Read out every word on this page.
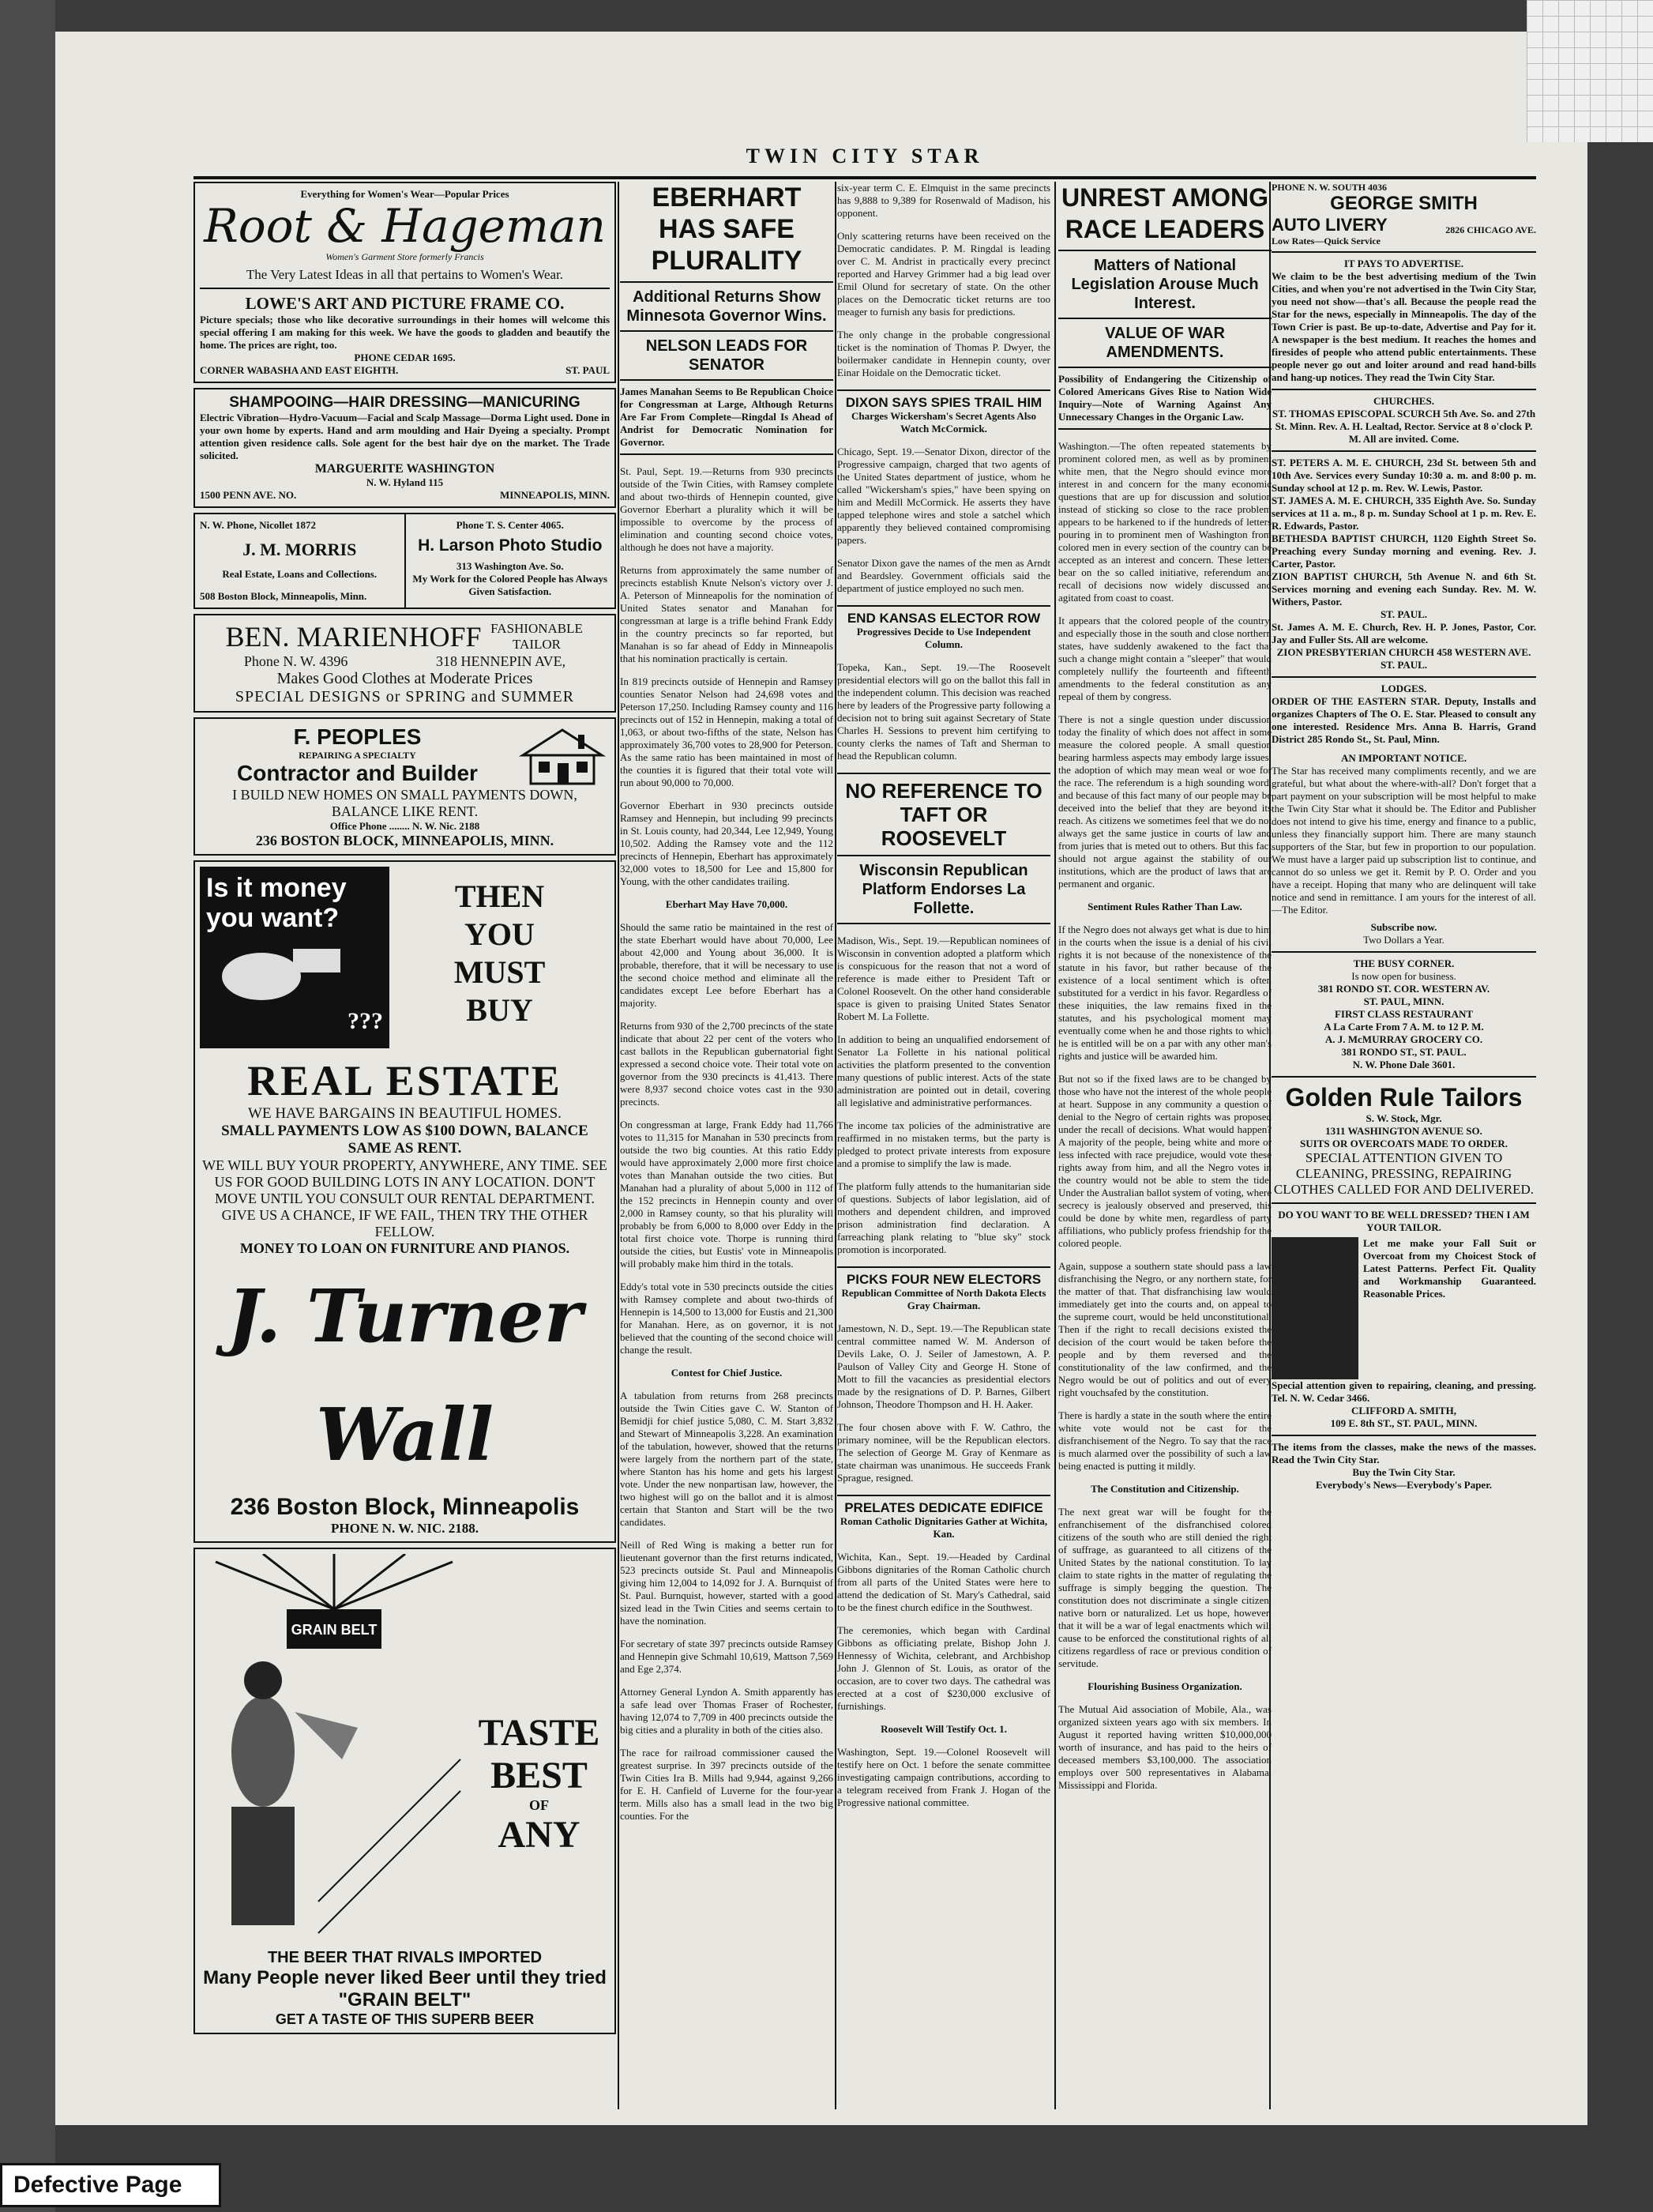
TWIN CITY STAR
Everything for Women's Wear—Popular Prices
Root & Hageman
Women's Garment Store formerly Francis
The Very Latest Ideas in all that pertains to Women's Wear.
LOWE'S ART AND PICTURE FRAME CO.
Picture specials; those who like decorative surroundings in their homes will welcome this special offering I am making for this week. We have the goods to gladden and beautify the home. The prices are right, too.
PHONE CEDAR 1695.
CORNER WABASHA AND EAST EIGHTH.	ST. PAUL
SHAMPOOING—HAIR DRESSING—MANICURING
Electric Vibration—Hydro-Vacuum—Facial and Scalp Massage—Dorma Light used. Done in your own home by experts. Hand and arm moulding and Hair Dyeing a specialty. Prompt attention given residence calls. Sole agent for the best hair dye on the market. The Trade solicited.
MARGUERITE WASHINGTON
N. W. Hyland 115
1500 PENN AVE. NO.	MINNEAPOLIS, MINN.
N. W. Phone, Nicollet 1872
J. M. MORRIS
Real Estate, Loans and Collections.
508 Boston Block, Minneapolis, Minn.
Phone T. S. Center 4065.
H. Larson Photo Studio
313 Washington Ave. So.
My Work for the Colored People has Always Given Satisfaction.
BEN. MARIENHOFF FASHIONABLE TAILOR
Phone N. W. 4396	318 HENNEPIN AVE,
Makes Good Clothes at Moderate Prices
SPECIAL DESIGNS or SPRING and SUMMER
F. PEOPLES
REPAIRING A SPECIALTY
Contractor and Builder
I BUILD NEW HOMES ON SMALL PAYMENTS DOWN, BALANCE LIKE RENT.
Office Phone ........ N. W. Nic. 2188
236 BOSTON BLOCK, MINNEAPOLIS, MINN.
Is it money you want?
???
THEN
YOU
MUST
BUY
REAL ESTATE
WE HAVE BARGAINS IN BEAUTIFUL HOMES.
SMALL PAYMENTS LOW AS $100 DOWN, BALANCE SAME AS RENT.
WE WILL BUY YOUR PROPERTY, ANYWHERE, ANY TIME. SEE US FOR GOOD BUILDING LOTS IN ANY LOCATION. DON'T MOVE UNTIL YOU CONSULT OUR RENTAL DEPARTMENT.
GIVE US A CHANCE, IF WE FAIL, THEN TRY THE OTHER FELLOW.
MONEY TO LOAN ON FURNITURE AND PIANOS.
J. Turner Wall
236 Boston Block, Minneapolis
PHONE N. W. NIC. 2188.
GRAIN BELT
TASTE
BEST
OF
ANY
THE BEER THAT RIVALS IMPORTED
Many People never liked Beer until they tried "GRAIN BELT"
GET A TASTE OF THIS SUPERB BEER
EBERHART HAS SAFE PLURALITY
Additional Returns Show Minnesota Governor Wins.
NELSON LEADS FOR SENATOR
James Manahan Seems to Be Republican Choice for Congressman at Large, Although Returns Are Far From Complete—Ringdal Is Ahead of Andrist for Democratic Nomination for Governor.

St. Paul, Sept. 19.—Returns from 930 precincts outside of the Twin Cities, with Ramsey complete and about two-thirds of Hennepin counted, give Governor Eberhart a plurality which it will be impossible to overcome by the process of elimination and counting second choice votes, although he does not have a majority.

Returns from approximately the same number of precincts establish Knute Nelson's victory over J. A. Peterson of Minneapolis for the nomination of United States senator and Manahan for congressman at large is a trifle behind Frank Eddy in the country precincts so far reported, but Manahan is so far ahead of Eddy in Minneapolis that his nomination practically is certain.

In 819 precincts outside of Hennepin and Ramsey counties Senator Nelson had 24,698 votes and Peterson 17,250. Including Ramsey county and 116 precincts out of 152 in Hennepin, making a total of 1,063, or about two-fifths of the state, Nelson has approximately 36,700 votes to 28,900 for Peterson. As the same ratio has been maintained in most of the counties it is figured that their total vote will run about 90,000 to 70,000.

Governor Eberhart in 930 precincts outside Ramsey and Hennepin, but including 99 precincts in St. Louis county, had 20,344, Lee 12,949, Young 10,502. Adding the Ramsey vote and the 112 precincts of Hennepin, Eberhart has approximately 32,000 votes to 18,500 for Lee and 15,800 for Young, with the other candidates trailing.

Eberhart May Have 70,000.

Should the same ratio be maintained in the rest of the state Eberhart would have about 70,000, Lee about 42,000 and Young about 36,000. It is probable, therefore, that it will be necessary to use the second choice method and eliminate all the candidates except Lee before Eberhart has a majority.

Returns from 930 of the 2,700 precincts of the state indicate that about 22 per cent of the voters who cast ballots in the Republican gubernatorial fight expressed a second choice vote. Their total vote on governor from the 930 precincts is 41,413. There were 8,937 second choice votes cast in the 930 precincts.

On congressman at large, Frank Eddy had 11,766 votes to 11,315 for Manahan in 530 precincts from outside the two big counties. At this ratio Eddy would have approximately 2,000 more first choice votes than Manahan outside the two cities. But Manahan had a plurality of about 5,000 in 112 of the 152 precincts in Hennepin county and over 2,000 in Ramsey county, so that his plurality will probably be from 6,000 to 8,000 over Eddy in the total first choice vote. Thorpe is running third outside the cities, but Eustis' vote in Minneapolis will probably make him third in the totals.

Eddy's total vote in 530 precincts outside the cities with Ramsey complete and about two-thirds of Hennepin is 14,500 to 13,000 for Eustis and 21,300 for Manahan. Here, as on governor, it is not believed that the counting of the second choice will change the result.

Contest for Chief Justice.

A tabulation from returns from 268 precincts outside the Twin Cities gave C. W. Stanton of Bemidji for chief justice 5,080, C. M. Start 3,832 and Stewart of Minneapolis 3,228. An examination of the tabulation, however, showed that the returns were largely from the northern part of the state, where Stanton has his home and gets his largest vote. Under the new nonpartisan law, however, the two highest will go on the ballot and it is almost certain that Stanton and Start will be the two candidates.

Neill of Red Wing is making a better run for lieutenant governor than the first returns indicated, 523 precincts outside St. Paul and Minneapolis giving him 12,004 to 14,092 for J. A. Burnquist of St. Paul. Burnquist, however, started with a good sized lead in the Twin Cities and seems certain to have the nomination.

For secretary of state 397 precincts outside Ramsey and Hennepin give Schmahl 10,619, Mattson 7,569 and Ege 2,374.

Attorney General Lyndon A. Smith apparently has a safe lead over Thomas Fraser of Rochester, having 12,074 to 7,709 in 400 precincts outside the big cities and a plurality in both of the cities also.

The race for railroad commissioner caused the greatest surprise. In 397 precincts outside of the Twin Cities Ira B. Mills had 9,944, against 9,266 for E. H. Canfield of Luverne for the four-year term. Mills also has a small lead in the two big counties. For the

six-year term C. E. Elmquist in the same precincts has 9,888 to 9,389 for Rosenwald of Madison, his opponent.

Only scattering returns have been received on the Democratic candidates. P. M. Ringdal is leading over C. M. Andrist in practically every precinct reported and Harvey Grimmer had a big lead over Emil Olund for secretary of state. On the other places on the Democratic ticket returns are too meager to furnish any basis for predictions.

The only change in the probable congressional ticket is the nomination of Thomas P. Dwyer, the boilermaker candidate in Hennepin county, over Einar Hoidale on the Democratic ticket.

DIXON SAYS SPIES TRAIL HIM
Charges Wickersham's Secret Agents Also Watch McCormick.

Chicago, Sept. 19.—Senator Dixon, director of the Progressive campaign, charged that two agents of the United States department of justice, whom he called "Wickersham's spies," have been spying on him and Medill McCormick. He asserts they have tapped telephone wires and stole a satchel which apparently they believed contained compromising papers.

Senator Dixon gave the names of the men as Arndt and Beardsley. Government officials said the department of justice employed no such men.

END KANSAS ELECTOR ROW
Progressives Decide to Use Independent Column.

Topeka, Kan., Sept. 19.—The Roosevelt presidential electors will go on the ballot this fall in the independent column. This decision was reached here by leaders of the Progressive party following a decision not to bring suit against Secretary of State Charles H. Sessions to prevent him certifying to county clerks the names of Taft and Sherman to head the Republican column.

NO REFERENCE TO TAFT OR ROOSEVELT
Wisconsin Republican Platform Endorses La Follette.

Madison, Wis., Sept. 19.—Republican nominees of Wisconsin in convention adopted a platform which is conspicuous for the reason that not a word of reference is made either to President Taft or Colonel Roosevelt. On the other hand considerable space is given to praising United States Senator Robert M. La Follette.

In addition to being an unqualified endorsement of Senator La Follette in his national political activities the platform presented to the convention many questions of public interest. Acts of the state administration are pointed out in detail, covering all legislative and administrative performances.

The income tax policies of the administrative are reaffirmed in no mistaken terms, but the party is pledged to protect private interests from exposure and a promise to simplify the law is made.

The platform fully attends to the humanitarian side of questions. Subjects of labor legislation, aid of mothers and dependent children, and improved prison administration find declaration. A farreaching plank relating to "blue sky" stock promotion is incorporated.

PICKS FOUR NEW ELECTORS
Republican Committee of North Dakota Elects Gray Chairman.

Jamestown, N. D., Sept. 19.—The Republican state central committee named W. M. Anderson of Devils Lake, O. J. Seiler of Jamestown, A. P. Paulson of Valley City and George H. Stone of Mott to fill the vacancies as presidential electors made by the resignations of D. P. Barnes, Gilbert Johnson, Theodore Thompson and H. H. Aaker.

The four chosen above with F. W. Cathro, the primary nominee, will be the Republican electors. The selection of George M. Gray of Kenmare as state chairman was unanimous. He succeeds Frank Sprague, resigned.

PRELATES DEDICATE EDIFICE
Roman Catholic Dignitaries Gather at Wichita, Kan.

Wichita, Kan., Sept. 19.—Headed by Cardinal Gibbons dignitaries of the Roman Catholic church from all parts of the United States were here to attend the dedication of St. Mary's Cathedral, said to be the finest church edifice in the Southwest.

The ceremonies, which began with Cardinal Gibbons as officiating prelate, Bishop John J. Hennessy of Wichita, celebrant, and Archbishop John J. Glennon of St. Louis, as orator of the occasion, are to cover two days. The cathedral was erected at a cost of $230,000 exclusive of furnishings.

Roosevelt Will Testify Oct. 1.

Washington, Sept. 19.—Colonel Roosevelt will testify here on Oct. 1 before the senate committee investigating campaign contributions, according to a telegram received from Frank J. Hogan of the Progressive national committee.

UNREST AMONG RACE LEADERS
Matters of National Legislation Arouse Much Interest.
VALUE OF WAR AMENDMENTS.
Possibility of Endangering the Citizenship of Colored Americans Gives Rise to Nation Wide Inquiry—Note of Warning Against Any Unnecessary Changes in the Organic Law.

Washington.—The often repeated statements by prominent colored men, as well as by prominent white men, that the Negro should evince more interest in and concern for the many economic questions that are up for discussion and solution instead of sticking so close to the race problem appears to be harkened to if the hundreds of letters pouring in to prominent men of Washington from colored men in every section of the country can be accepted as an interest and concern. These letters bear on the so called initiative, referendum and recall of decisions now widely discussed and agitated from coast to coast.

It appears that the colored people of the country, and especially those in the south and close northern states, have suddenly awakened to the fact that such a change might contain a "sleeper" that would completely nullify the fourteenth and fifteenth amendments to the federal constitution as any repeal of them by congress.

There is not a single question under discussion today the finality of which does not affect in some measure the colored people. A small question bearing harmless aspects may embody large issues, the adoption of which may mean weal or woe for the race. The referendum is a high sounding word, and because of this fact many of our people may be deceived into the belief that they are beyond its reach. As citizens we sometimes feel that we do not always get the same justice in courts of law and from juries that is meted out to others. But this fact should not argue against the stability of our institutions, which are the product of laws that are permanent and organic.

Sentiment Rules Rather Than Law.

If the Negro does not always get what is due to him in the courts when the issue is a denial of his civil rights it is not because of the nonexistence of the statute in his favor, but rather because of the existence of a local sentiment which is often substituted for a verdict in his favor. Regardless of these iniquities, the law remains fixed in the statutes, and his psychological moment may eventually come when he and those rights to which he is entitled will be on a par with any other man's rights and justice will be awarded him.

But not so if the fixed laws are to be changed by those who have not the interest of the whole people at heart. Suppose in any community a question of denial to the Negro of certain rights was proposed under the recall of decisions. What would happen? A majority of the people, being white and more or less infected with race prejudice, would vote these rights away from him, and all the Negro votes in the country would not be able to stem the tide. Under the Australian ballot system of voting, where secrecy is jealously observed and preserved, this could be done by white men, regardless of party affiliations, who publicly profess friendship for the colored people.

Again, suppose a southern state should pass a law disfranchising the Negro, or any northern state, for the matter of that. That disfranchising law would immediately get into the courts and, on appeal to the supreme court, would be held unconstitutional. Then if the right to recall decisions existed the decision of the court would be taken before the people and by them reversed and the constitutionality of the law confirmed, and the Negro would be out of politics and out of every right vouchsafed by the constitution.

There is hardly a state in the south where the entire white vote would not be cast for the disfranchisement of the Negro. To say that the race is much alarmed over the possibility of such a law being enacted is putting it mildly.

The Constitution and Citizenship.

The next great war will be fought for the enfranchisement of the disfranchised colored citizens of the south who are still denied the right of suffrage, as guaranteed to all citizens of the United States by the national constitution. To lay claim to state rights in the matter of regulating the suffrage is simply begging the question. The constitution does not discriminate a single citizen, native born or naturalized. Let us hope, however, that it will be a war of legal enactments which will cause to be enforced the constitutional rights of all citizens regardless of race or previous condition of servitude.

Flourishing Business Organization.

The Mutual Aid association of Mobile, Ala., was organized sixteen years ago with six members. In August it reported having written $10,000,000 worth of insurance, and has paid to the heirs of deceased members $3,100,000. The association employs over 500 representatives in Alabama, Mississippi and Florida.

PHONE N. W. SOUTH 4036
GEORGE SMITH
AUTO LIVERY	2826 CHICAGO AVE.
Low Rates—Quick Service
IT PAYS TO ADVERTISE.
We claim to be the best advertising medium of the Twin Cities, and when you're not advertised in the Twin City Star, you need not show—that's all. Because the people read the Star for the news, especially in Minneapolis. The day of the Town Crier is past. Be up-to-date, Advertise and Pay for it. A newspaper is the best medium. It reaches the homes and firesides of people who attend public entertainments. These people never go out and loiter around and read hand-bills and hang-up notices. They read the Twin City Star.
CHURCHES.
ST. THOMAS EPISCOPAL SCURCH 5th Ave. So. and 27th St. Minn. Rev. A. H. Lealtad, Rector. Service at 8 o'clock P. M. All are invited. Come.
ST. PETERS A. M. E. CHURCH, 23d St. between 5th and 10th Ave. Services every Sunday 10:30 a. m. and 8:00 p. m. Sunday school at 12 p. m. Rev. W. Lewis, Pastor.
ST. JAMES A. M. E. CHURCH, 335 Eighth Ave. So. Sunday services at 11 a. m., 8 p. m. Sunday School at 1 p. m. Rev. E. R. Edwards, Pastor.
BETHESDA BAPTIST CHURCH, 1120 Eighth Street So. Preaching every Sunday morning and evening. Rev. J. Carter, Pastor.
ZION BAPTIST CHURCH, 5th Avenue N. and 6th St. Services morning and evening each Sunday. Rev. M. W. Withers, Pastor.
ST. PAUL.
St. James A. M. E. Church, Rev. H. P. Jones, Pastor, Cor. Jay and Fuller Sts. All are welcome.
ZION PRESBYTERIAN CHURCH 458 WESTERN AVE. ST. PAUL.
LODGES.
ORDER OF THE EASTERN STAR. Deputy, Installs and organizes Chapters of The O. E. Star. Pleased to consult any one interested. Residence Mrs. Anna B. Harris, Grand District 285 Rondo St., St. Paul, Minn.
AN IMPORTANT NOTICE.
The Star has received many compliments recently, and we are grateful, but what about the where-with-all? Don't forget that a part payment on your subscription will be most helpful to make the Twin City Star what it should be. The Editor and Publisher does not intend to give his time, energy and finance to a public, unless they financially support him. There are many staunch supporters of the Star, but few in proportion to our population. We must have a larger paid up subscription list to continue, and cannot do so unless we get it. Remit by P. O. Order and you have a receipt. Hoping that many who are delinquent will take notice and send in remittance. I am yours for the interest of all.—The Editor.
Subscribe now.
Two Dollars a Year.
THE BUSY CORNER.
Is now open for business.
381 RONDO ST. COR. WESTERN AV.
ST. PAUL, MINN.
FIRST CLASS RESTAURANT
A La Carte From 7 A. M. to 12 P. M.
A. J. McMURRAY GROCERY CO.
381 RONDO ST., ST. PAUL.
N. W. Phone Dale 3601.
Golden Rule Tailors
S. W. Stock, Mgr.
1311 WASHINGTON AVENUE SO.
SUITS OR OVERCOATS MADE TO ORDER.
SPECIAL ATTENTION GIVEN TO CLEANING, PRESSING, REPAIRING CLOTHES CALLED FOR AND DELIVERED.
DO YOU WANT TO BE WELL DRESSED? THEN I AM YOUR TAILOR.
Let me make your Fall Suit or Overcoat from my Choicest Stock of Latest Patterns. Perfect Fit. Quality and Workmanship Guaranteed. Reasonable Prices.
Special attention given to repairing, cleaning, and pressing. Tel. N. W. Cedar 3466.
CLIFFORD A. SMITH,
109 E. 8th ST., ST. PAUL, MINN.
The items from the classes, make the news of the masses. Read the Twin City Star.
Buy the Twin City Star.
Everybody's News—Everybody's Paper.
Defective Page
